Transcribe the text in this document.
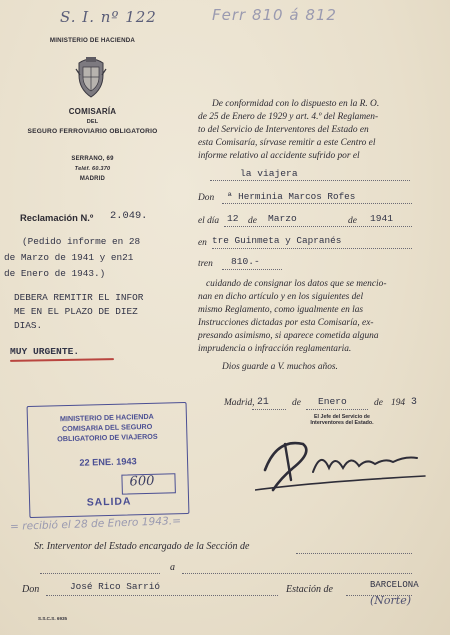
S. I. nº 122	Ferr 810 á 812
MINISTERIO DE HACIENDA
COMISARÍA
DEL
SEGURO FERROVIARIO OBLIGATORIO
SERRANO, 69
Teléf. 60.370
MADRID
Reclamación N.º 2.049.
(Pedido informe en 28
de Marzo de 1941 y en21
de Enero de 1943.)
DEBERA REMITIR EL INFOR
ME EN EL PLAZO DE DIEZ
DIAS.
MUY URGENTE.
De conformidad con lo dispuesto en la R. O.
de 25 de Enero de 1929 y art. 4.º del Reglamen-
to del Servicio de Interventores del Estado en
esta Comisaría, sírvase remitir a este Centro el
informe relativo al accidente sufrido por el
la viajera
Don ª Herminia Marcos Rofes
el día 12 de Marzo	de 1941
en tre Guinmeta y Capranés
tren 810.-
cuidando de consignar los datos que se mencio-
nan en dicho artículo y en los siguientes del
mismo Reglamento, como igualmente en las
Instrucciones dictadas por esta Comisaría, ex-
presando asimismo, si aparece cometida alguna
imprudencia o infracción reglamentaria.
Dios guarde a V. muchos años.
Madrid, 21 de Enero	de 194 3
El Jefe del Servicio de
Interventores del Estado.
MINISTERIO DE HACIENDA
COMISARIA DEL SEGURO
OBLIGATORIO DE VIAJEROS
22 ENE. 1943
600
SALIDA
= recibió el 28 de Enero 1943.=
Sr. Interventor del Estado encargado de la Sección de
a
Don	José Rico Sarrió	Estación de	BARCELONA
(Norte)
S.S.C.S. 6935
